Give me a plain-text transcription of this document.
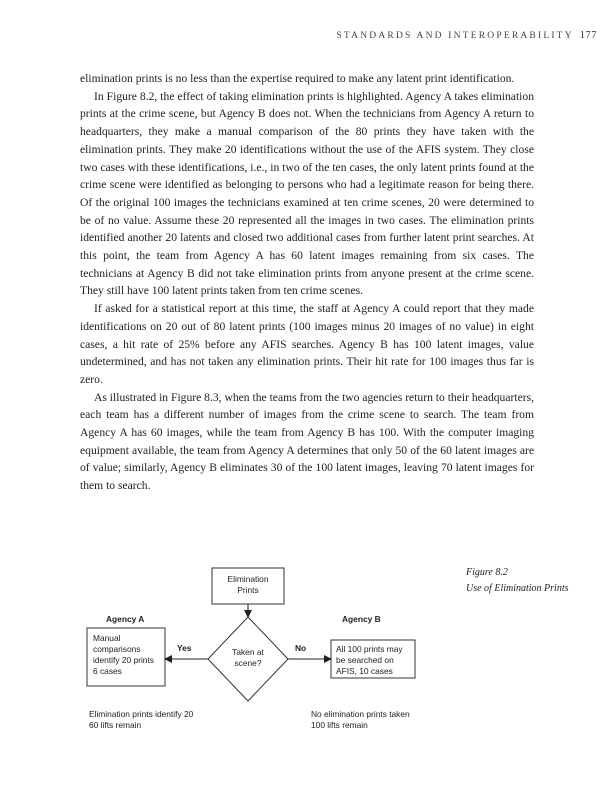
STANDARDS AND INTEROPERABILITY 177

elimination prints is no less than the expertise required to make any latent print identification.

In Figure 8.2, the effect of taking elimination prints is highlighted. Agency A takes elimination prints at the crime scene, but Agency B does not. When the technicians from Agency A return to headquarters, they make a manual comparison of the 80 prints they have taken with the elimination prints. They make 20 identifications without the use of the AFIS system. They close two cases with these identifications, i.e., in two of the ten cases, the only latent prints found at the crime scene were identified as belonging to persons who had a legitimate reason for being there. Of the original 100 images the technicians examined at ten crime scenes, 20 were determined to be of no value. Assume these 20 represented all the images in two cases. The elimination prints identified another 20 latents and closed two additional cases from further latent print searches. At this point, the team from Agency A has 60 latent images remaining from six cases. The technicians at Agency B did not take elimination prints from anyone present at the crime scene. They still have 100 latent prints taken from ten crime scenes.

If asked for a statistical report at this time, the staff at Agency A could report that they made identifications on 20 out of 80 latent prints (100 images minus 20 images of no value) in eight cases, a hit rate of 25% before any AFIS searches. Agency B has 100 latent images, value undetermined, and has not taken any elimination prints. Their hit rate for 100 images thus far is zero.

As illustrated in Figure 8.3, when the teams from the two agencies return to their headquarters, each team has a different number of images from the crime scene to search. The team from Agency A has 60 images, while the team from Agency B has 100. With the computer imaging equipment available, the team from Agency A determines that only 50 of the 60 latent images are of value; similarly, Agency B eliminates 30 of the 100 latent images, leaving 70 latent images for them to search.

Figure 8.2
Use of Elimination Prints
Elimination
Prints
Agency A	Agency B
Manual
comparisons
identify 20 prints
6 cases
Taken at
scene?
Yes	No	All 100 prints may
be searched on
AFIS, 10 cases
Elimination prints identify 20
60 lifts remain
No elimination prints taken
100 lifts remain
